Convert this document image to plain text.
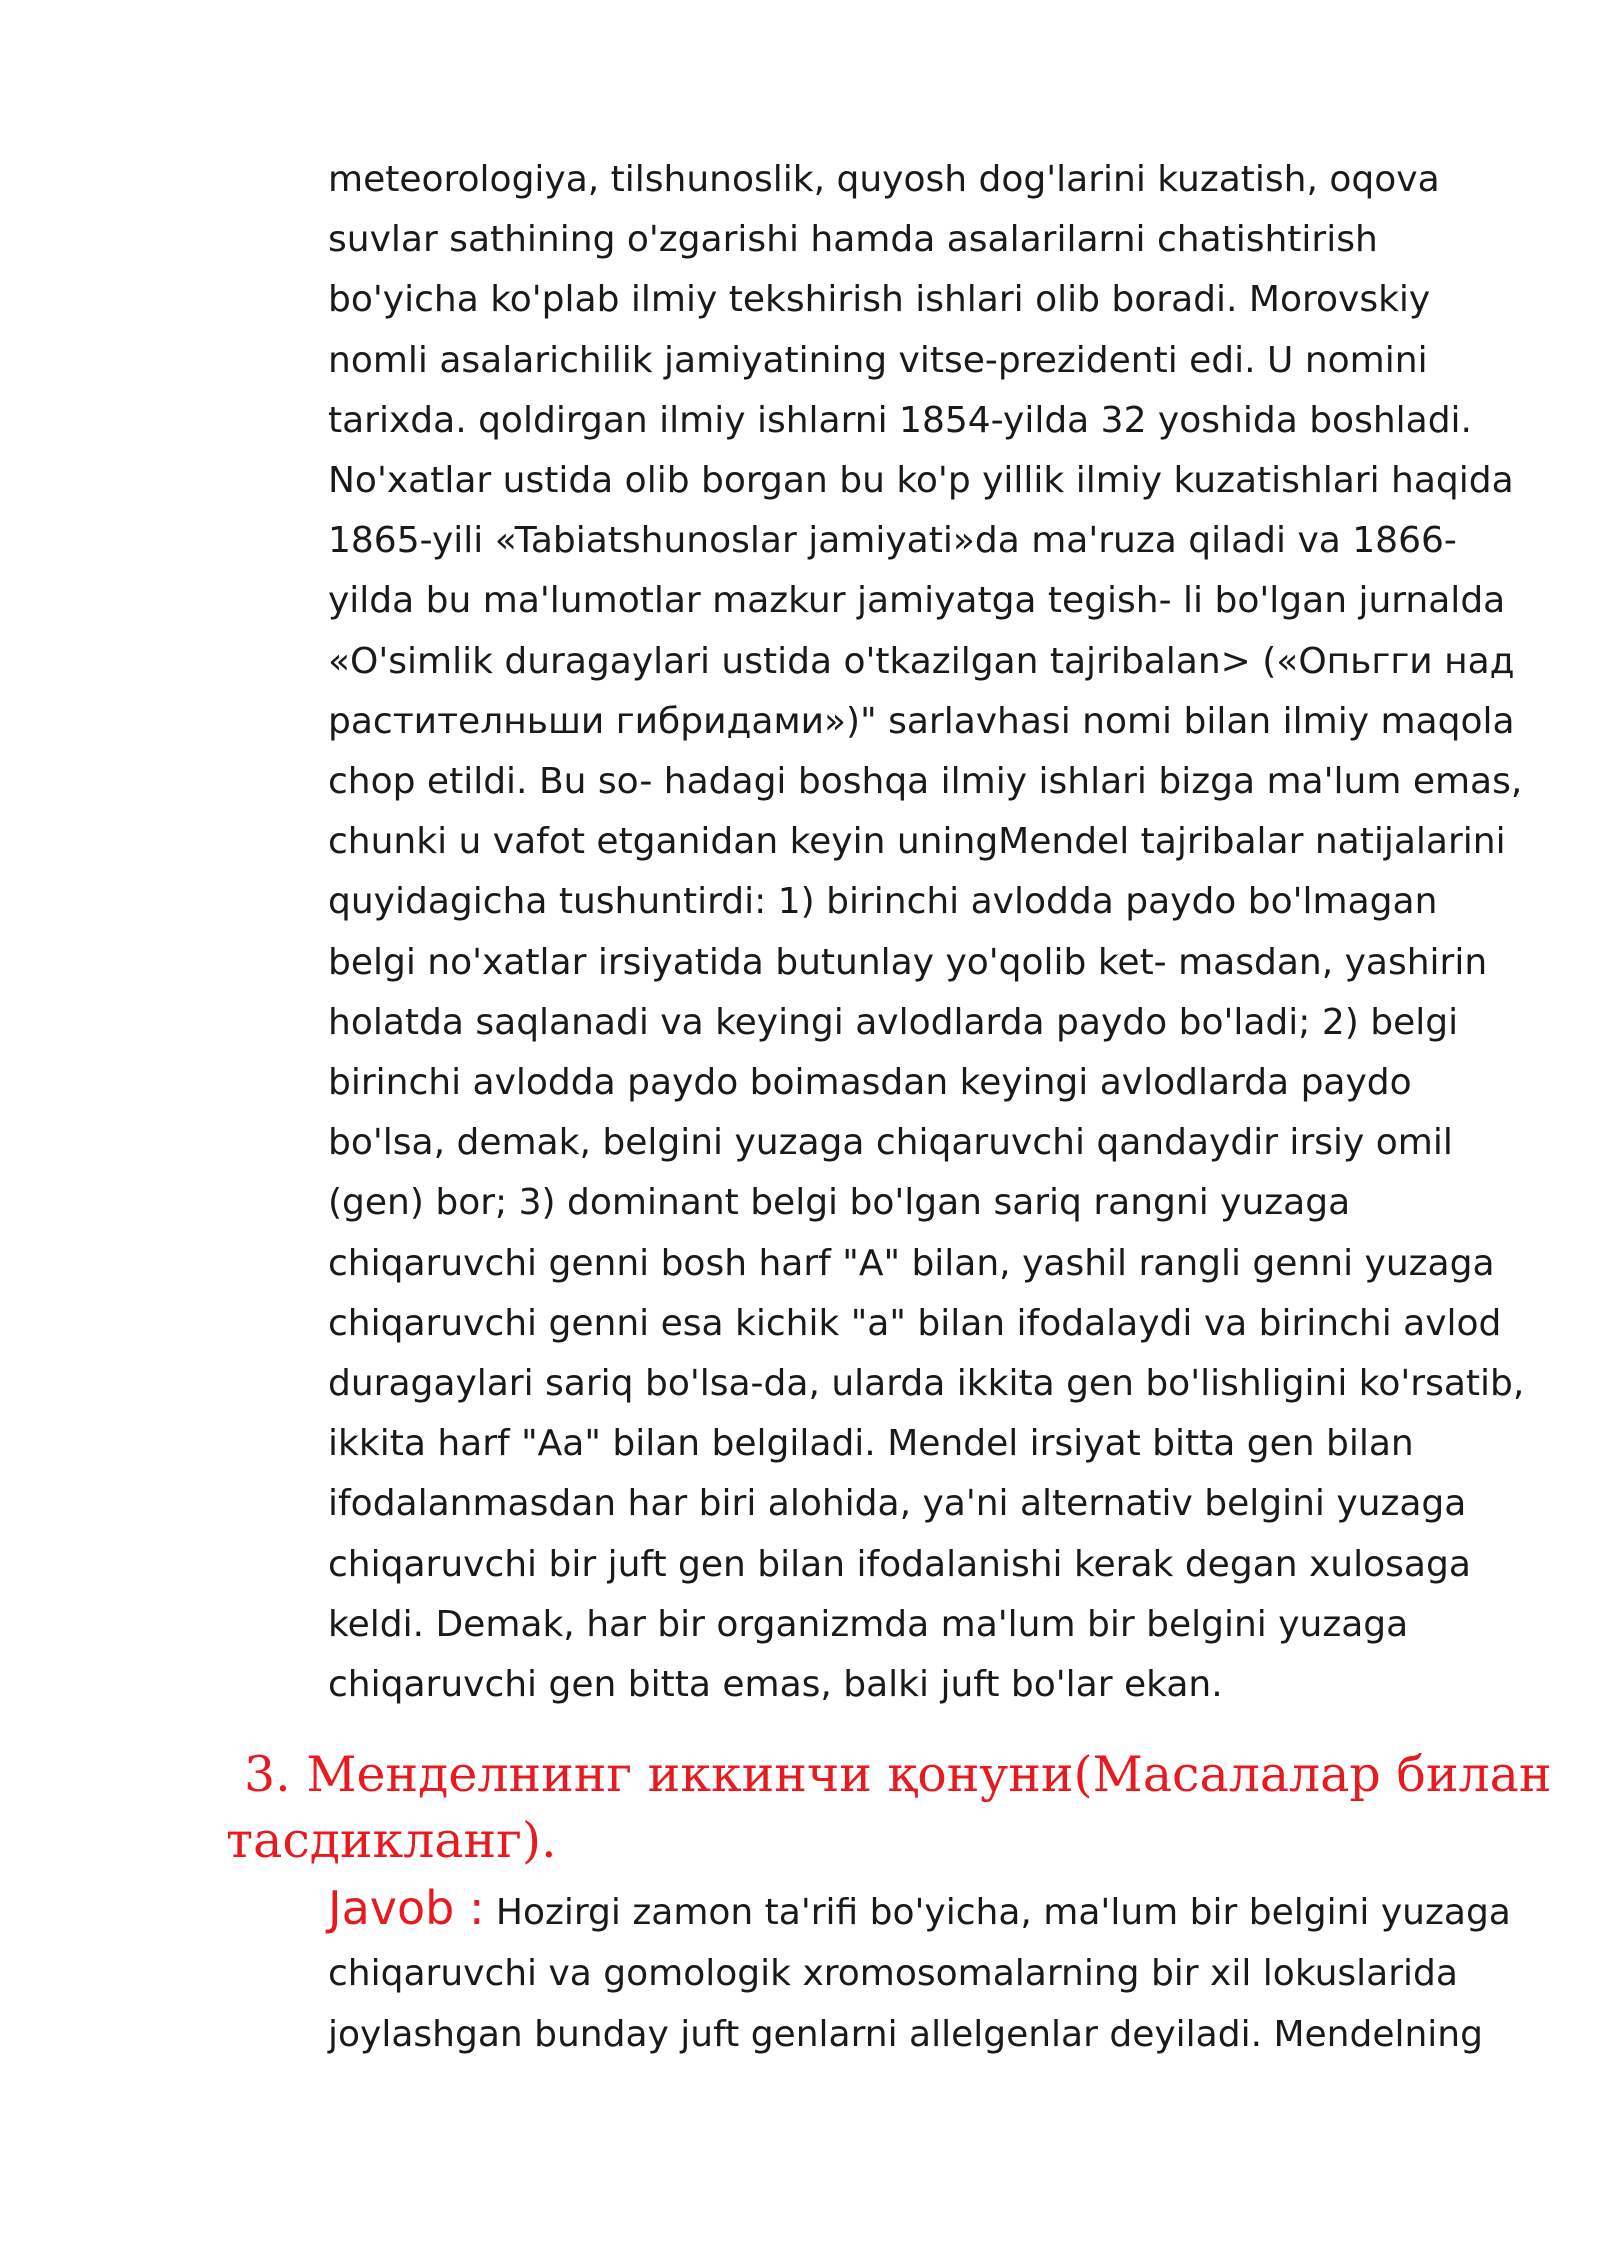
meteorologiya, tilshunoslik, quyosh dog'larini kuzatish, oqova
suvlar sathining o'zgarishi hamda asalarilarni chatishtirish
bo'yicha ko'plab ilmiy tekshirish ishlari olib boradi. Morovskiy
nomli asalarichilik jamiyatining vitse-prezidenti edi. U nomini
tarixda. qoldirgan ilmiy ishlarni 1854-yilda 32 yoshida boshladi.
No'xatlar ustida olib borgan bu ko'p yillik ilmiy kuzatishlari haqida
1865-yili «Tabiatshunoslar jamiyati»da ma'ruza qiladi va 1866-
yilda bu ma'lumotlar mazkur jamiyatga tegish- li bo'lgan jurnalda
«O'simlik duragaylari ustida o'tkazilgan tajribalan> («Опьгги над
растителньши гибридами»)" sarlavhasi nomi bilan ilmiy maqola
chop etildi. Bu so- hadagi boshqa ilmiy ishlari bizga ma'lum emas,
chunki u vafot etganidan keyin uningMendel tajribalar natijalarini
quyidagicha tushuntirdi: 1) birinchi avlodda paydo bo'lmagan
belgi no'xatlar irsiyatida butunlay yo'qolib ket- masdan, yashirin
holatda saqlanadi va keyingi avlodlarda paydo bo'ladi; 2) belgi
birinchi avlodda paydo boimasdan keyingi avlodlarda paydo
bo'lsa, demak, belgini yuzaga chiqaruvchi qandaydir irsiy omil
(gen) bor; 3) dominant belgi bo'lgan sariq rangni yuzaga
chiqaruvchi genni bosh harf "A" bilan, yashil rangli genni yuzaga
chiqaruvchi genni esa kichik "a" bilan ifodalaydi va birinchi avlod
duragaylari sariq bo'lsa-da, ularda ikkita gen bo'lishligini ko'rsatib,
ikkita harf "Aa" bilan belgiladi. Mendel irsiyat bitta gen bilan
ifodalanmasdan har biri alohida, ya'ni alternativ belgini yuzaga
chiqaruvchi bir juft gen bilan ifodalanishi kerak degan xulosaga
keldi. Demak, har bir organizmda ma'lum bir belgini yuzaga
chiqaruvchi gen bitta emas, balki juft bo'lar ekan.

3. Менделнинг иккинчи қонуни(Масалалар билан
тасдикланг).

Javob : Hozirgi zamon ta'rifi bo'yicha, ma'lum bir belgini yuzaga
chiqaruvchi va gomologik xromosomalarning bir xil lokuslarida
joylashgan bunday juft genlarni allelgenlar deyiladi. Mendelning
